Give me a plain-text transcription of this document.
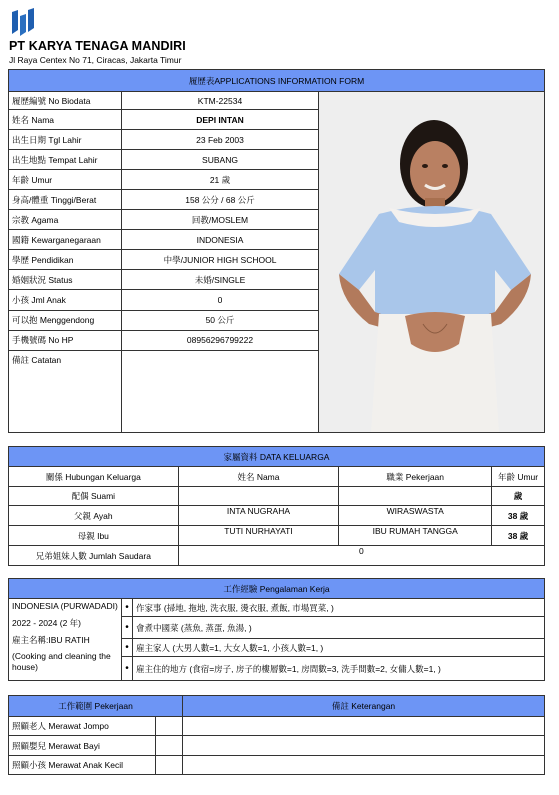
PT KARYA TENAGA MANDIRI
Jl Raya Centex No 71, Ciracas, Jakarta Timur
履歷表APPLICATIONS INFORMATION FORM		
履歷編號 No Biodata	KTM-22534	

姓名 Nama	DEPI INTAN	
出生日期 Tgl Lahir	23 Feb 2003	
出生地點 Tempat Lahir	SUBANG	
年齡 Umur	21 歲	
身高/體重 Tinggi/Berat	158 公分 / 68 公斤	
宗教 Agama	回教/MOSLEM	
國籍 Kewarganegaraan	INDONESIA	
學歷 Pendidikan	中學/JUNIOR HIGH SCHOOL	
婚姻狀況 Status	未婚/SINGLE	
小孩 Jml Anak	0	
可以抱 Menggendong	50 公斤	
手機號碼 No HP	08956296799222	
備註 Catatan		
家屬資料 DATA KELUARGA			
關係 Hubungan Keluarga	姓名 Nama	職業 Pekerjaan	年齡 Umur
配偶 Suami			歲
父親 Ayah	INTA NUGRAHA	WIRASWASTA	38 歲
母親 Ibu	TUTI NURHAYATI	IBU RUMAH TANGGA	38 歲
兄弟姐妹人數 Jumlah Saudara	0		
工作經驗 Pengalaman Kerja		

INDONESIA (PURWADADI)
2022 - 2024 (2 年)
雇主名稱:IBU RATIH
(Cooking and cleaning the house)	•	作家事 (掃地, 拖地, 洗衣服, 燙衣服, 煮飯, 市場買菜, )
	•	會煮中國菜 (蒸魚, 蒸蛋, 魚湯, )
	•	雇主家人 (大男人數=1, 大女人數=1, 小孩人數=1, )
	•	雇主住的地方 (食宿=房子, 房子的樓層數=1, 房間數=3, 洗手間數=2, 女傭人數=1, )
工作範圍 Pekerjaan		備註 Keterangan
照顧老人 Merawat Jompo		
照顧嬰兒 Merawat Bayi		
照顧小孩 Merawat Anak Kecil		
